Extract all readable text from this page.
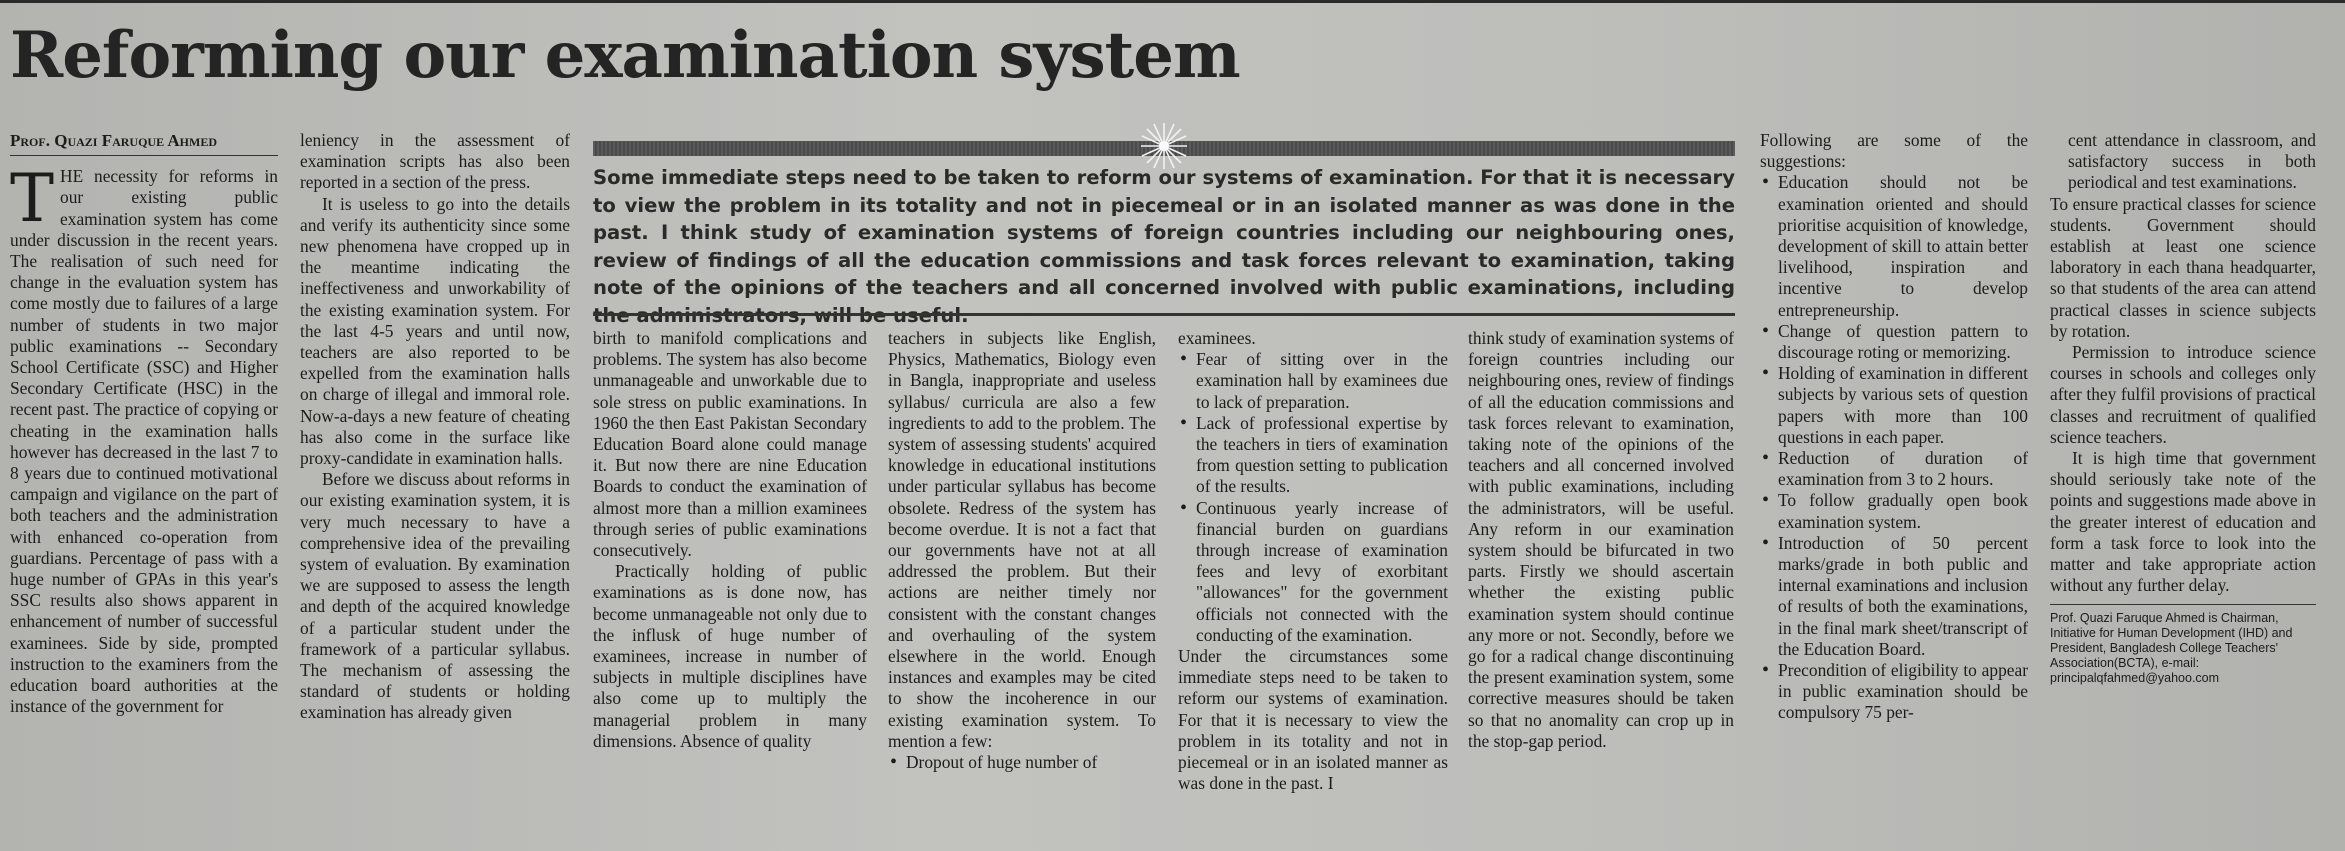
Reforming our examination system
Prof. Quazi Faruque Ahmed

THE necessity for reforms in our existing public examination system has come under discussion in the recent years. The realisation of such need for change in the evaluation system has come mostly due to failures of a large number of students in two major public examinations -- Secondary School Certificate (SSC) and Higher Secondary Certificate (HSC) in the recent past. The practice of copying or cheating in the examination halls however has decreased in the last 7 to 8 years due to continued motivational campaign and vigilance on the part of both teachers and the administration with enhanced co-operation from guardians. Percentage of pass with a huge number of GPAs in this year's SSC results also shows apparent in enhancement of number of successful examinees. Side by side, prompted instruction to the examiners from the education board authorities at the instance of the government for

leniency in the assessment of examination scripts has also been reported in a section of the press.

It is useless to go into the details and verify its authenticity since some new phenomena have cropped up in the meantime indicating the ineffectiveness and unworkability of the existing examination system. For the last 4-5 years and until now, teachers are also reported to be expelled from the examination halls on charge of illegal and immoral role. Now-a-days a new feature of cheating has also come in the surface like proxy-candidate in examination halls.

Before we discuss about reforms in our existing examination system, it is very much necessary to have a comprehensive idea of the prevailing system of evaluation. By examination we are supposed to assess the length and depth of the acquired knowledge of a particular student under the framework of a particular syllabus. The mechanism of assessing the standard of students or holding examination has already given

Some immediate steps need to be taken to reform our systems of examination. For that it is necessary to view the problem in its totality and not in piecemeal or in an isolated manner as was done in the past. I think study of examination systems of foreign countries including our neighbouring ones, review of findings of all the education commissions and task forces relevant to examination, taking note of the opinions of the teachers and all concerned involved with public examinations, including

birth to manifold complications and problems. The system has also become unmanageable and unworkable due to sole stress on public examinations. In 1960 the then East Pakistan Secondary Education Board alone could manage it. But now there are nine Education Boards to conduct the examination of almost more than a million examinees through series of public examinations consecutively.

Practically holding of public examinations as is done now, has become unmanageable not only due to the influsk of huge number of examinees, increase in number of subjects in multiple disciplines have also come up to multiply the managerial problem in many dimensions. Absence of quality

teachers in subjects like English, Physics, Mathematics, Biology even in Bangla, inappropriate and useless syllabus/ curricula are also a few ingredients to add to the problem. The system of assessing students' acquired knowledge in educational institutions under particular syllabus has become obsolete. Redress of the system has become overdue. It is not a fact that our governments have not at all addressed the problem. But their actions are neither timely nor consistent with the constant changes and overhauling of the system elsewhere in the world. Enough instances and examples may be cited to show the incoherence in our existing examination system. To mention a few:

• Dropout of huge number of

examinees.

• Fear of sitting over in the examination hall by examinees due to lack of preparation.
• Lack of professional expertise by the teachers in tiers of examination from question setting to publication of the results.
• Continuous yearly increase of financial burden on guardians through increase of examination fees and levy of exorbitant "allowances" for the government officials not connected with the conducting of the examination.

Under the circumstances some immediate steps need to be taken to reform our systems of examination. For that it is necessary to view the problem in its totality and not in piecemeal or in an isolated manner as was done in the past. I

think study of examination systems of foreign countries including our neighbouring ones, review of findings of all the education commissions and task forces relevant to examination, taking note of the opinions of the teachers and all concerned involved with public examinations, including the administrators, will be useful. Any reform in our examination system should be bifurcated in two parts. Firstly we should ascertain whether the existing public examination system should continue any more or not. Secondly, before we go for a radical change discontinuing the present examination system, some corrective measures should be taken so that no anomality can crop up in the stop-gap period.

Following are some of the suggestions:

• Education should not be examination oriented and should prioritise acquisition of knowledge, development of skill to attain better livelihood, inspiration and incentive to develop entrepreneurship.
• Change of question pattern to discourage roting or memorizing.
• Holding of examination in different subjects by various sets of question papers with more than 100 questions in each paper.
• Reduction of duration of examination from 3 to 2 hours.
• To follow gradually open book examination system.
• Introduction of 50 percent marks/grade in both public and internal examinations and inclusion of results of both the examinations, in the final mark sheet/transcript of the Education Board.
• Precondition of eligibility to appear in public examination should be compulsory 75 per-

cent attendance in classroom, and satisfactory success in both periodical and test examinations.

To ensure practical classes for science students. Government should establish at least one science laboratory in each thana headquarter, so that students of the area can attend practical classes in science subjects by rotation.

Permission to introduce science courses in schools and colleges only after they fulfil provisions of practical classes and recruitment of qualified science teachers.

It is high time that government should seriously take note of the points and suggestions made above in the greater interest of education and form a task force to look into the matter and take appropriate action without any further delay.

Prof. Quazi Faruque Ahmed is Chairman, Initiative for Human Development (IHD) and President, Bangladesh College Teachers' Association(BCTA), e-mail: principalqfahmed@yahoo.com
